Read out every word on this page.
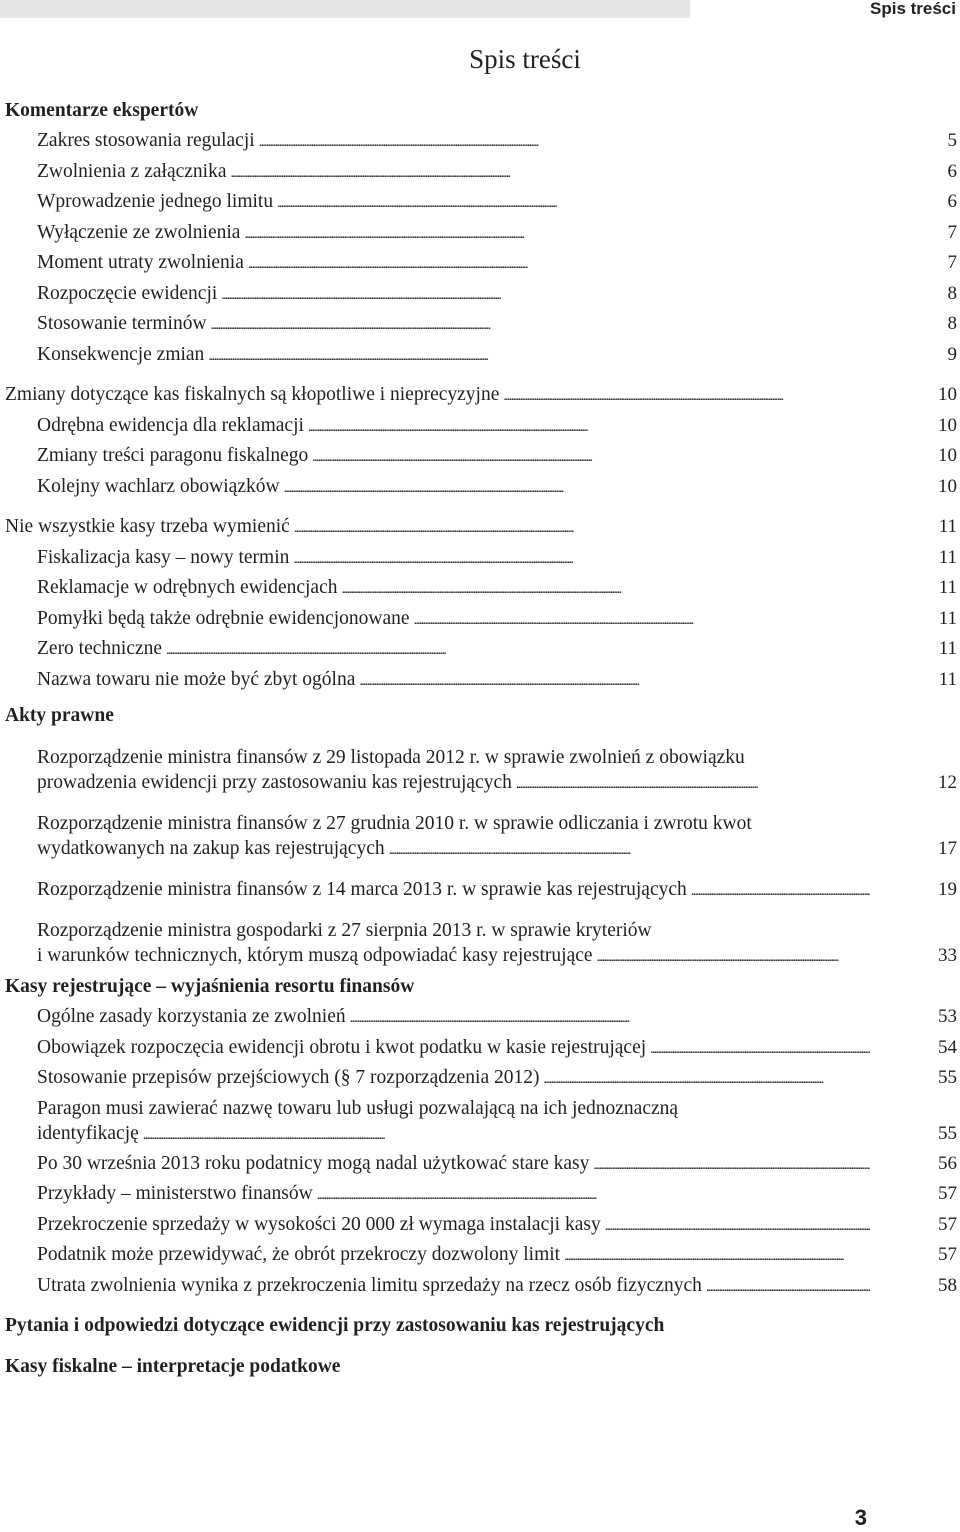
Spis treści
Spis treści
Komentarze ekspertów
Zakres stosowania regulacji . . .	5
Zwolnienia z załącznika . . .	6
Wprowadzenie jednego limitu . . .	6
Wyłączenie ze zwolnienia . . .	7
Moment utraty zwolnienia . . .	7
Rozpoczęcie ewidencji . . .	8
Stosowanie terminów . . .	8
Konsekwencje zmian . . .	9
Zmiany dotyczące kas fiskalnych są kłopotliwe i nieprecyzyjne . . .	10
Odrębna ewidencja dla reklamacji . . .	10
Zmiany treści paragonu fiskalnego . . .	10
Kolejny wachlarz obowiązków . . .	10
Nie wszystkie kasy trzeba wymienić . . .	11
Fiskalizacja kasy – nowy termin . . .	11
Reklamacje w odrębnych ewidencjach . . .	11
Pomyłki będą także odrębnie ewidencjonowane . . .	11
Zero techniczne . . .	11
Nazwa towaru nie może być zbyt ogólna . . .	11
Akty prawne
Rozporządzenie ministra finansów z 29 listopada 2012 r. w sprawie zwolnień z obowiązku
prowadzenia ewidencji przy zastosowaniu kas rejestrujących . . .	12
Rozporządzenie ministra finansów z 27 grudnia 2010 r. w sprawie odliczania i zwrotu kwot
wydatkowanych na zakup kas rejestrujących . . .	17
Rozporządzenie ministra finansów z 14 marca 2013 r. w sprawie kas rejestrujących . . .	19
Rozporządzenie ministra gospodarki z 27 sierpnia 2013 r. w sprawie kryteriów
i warunków technicznych, którym muszą odpowiadać kasy rejestrujące . . .	33
Kasy rejestrujące – wyjaśnienia resortu finansów
Ogólne zasady korzystania ze zwolnień . . .	53
Obowiązek rozpoczęcia ewidencji obrotu i kwot podatku w kasie rejestrującej . . .	54
Stosowanie przepisów przejściowych (§ 7 rozporządzenia 2012) . . .	55
Paragon musi zawierać nazwę towaru lub usługi pozwalającą na ich jednoznaczną
identyfikację . . .	55
Po 30 września 2013 roku podatnicy mogą nadal użytkować stare kasy . . .	56
Przykłady – ministerstwo finansów . . .	57
Przekroczenie sprzedaży w wysokości 20 000 zł wymaga instalacji kasy . . .	57
Podatnik może przewidywać, że obrót przekroczy dozwolony limit . . .	57
Utrata zwolnienia wynika z przekroczenia limitu sprzedaży na rzecz osób fizycznych . . .	58
Pytania i odpowiedzi dotyczące ewidencji przy zastosowaniu kas rejestrujących
Kasy fiskalne – interpretacje podatkowe
3
